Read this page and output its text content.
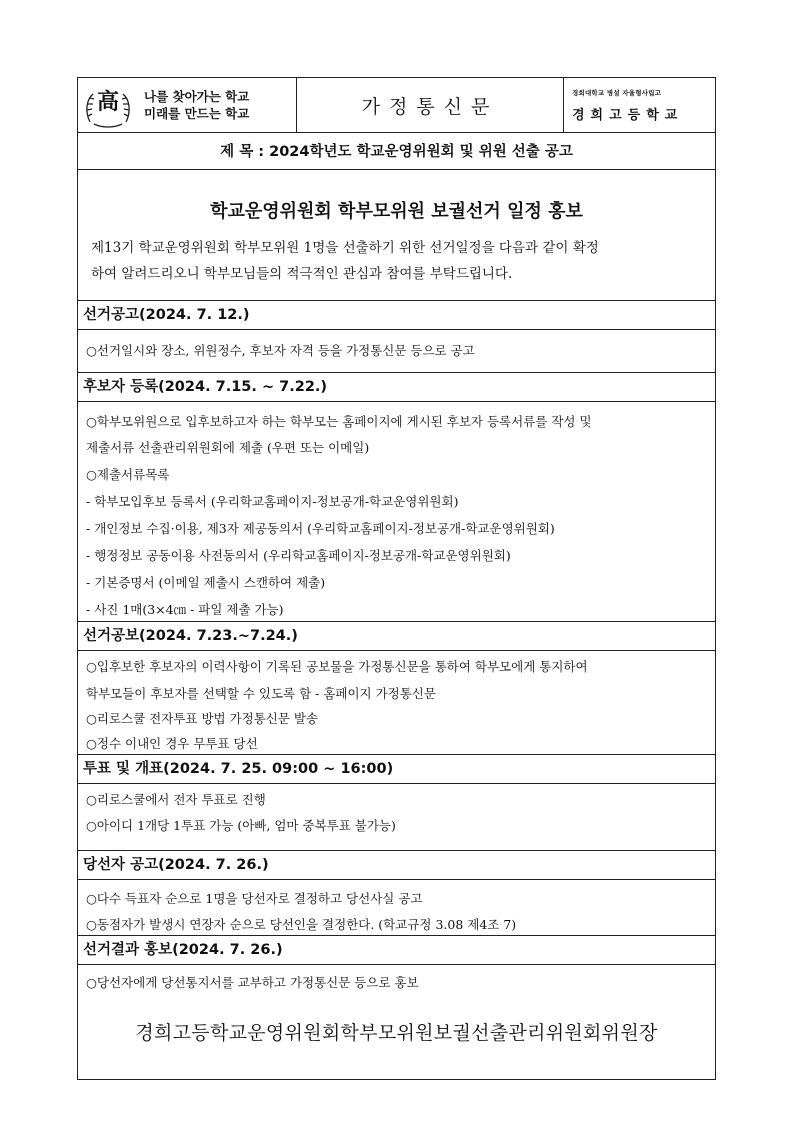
高 나를 찾아가는 학교
미래를 만드는 학교	가정통신문
경희대학교 병설 자율형사립고
경희고등학교
제 목 : 2024학년도 학교운영위원회 및 위원 선출 공고
학교운영위원회 학부모위원 보궐선거 일정 홍보
제13기 학교운영위원회 학부모위원 1명을 선출하기 위한 선거일정을 다음과 같이 확정
하여 알려드리오니 학부모님들의 적극적인 관심과 참여를 부탁드립니다.
선거공고(2024. 7. 12.)
○선거일시와 장소, 위원정수, 후보자 자격 등을 가정통신문 등으로 공고
후보자 등록(2024. 7.15. ~ 7.22.)
○학부모위원으로 입후보하고자 하는 학부모는 홈페이지에 게시된 후보자 등록서류를 작성 및
제출서류 선출관리위원회에 제출 (우편 또는 이메일)
○제출서류목록
- 학부모입후보 등록서 (우리학교홈페이지-정보공개-학교운영위원회)
- 개인정보 수집·이용, 제3자 제공동의서 (우리학교홈페이지-정보공개-학교운영위원회)
- 행정정보 공동이용 사전동의서 (우리학교홈페이지-정보공개-학교운영위원회)
- 기본증명서 (이메일 제출시 스캔하여 제출)
- 사진 1매(3×4㎝ - 파일 제출 가능)
선거공보(2024. 7.23.~7.24.)
○입후보한 후보자의 이력사항이 기록된 공보물을 가정통신문을 통하여 학부모에게 통지하여
학부모들이 후보자를 선택할 수 있도록 함 - 홈페이지 가정통신문
○리로스쿨 전자투표 방법 가정통신문 발송
○정수 이내인 경우 무투표 당선
투표 및 개표(2024. 7. 25. 09:00 ~ 16:00)
○리로스쿨에서 전자 투표로 진행
○아이디 1개당 1투표 가능 (아빠, 엄마 중복투표 불가능)
당선자 공고(2024. 7. 26.)
○다수 득표자 순으로 1명을 당선자로 결정하고 당선사실 공고
○동점자가 발생시 연장자 순으로 당선인을 결정한다. (학교규정 3.08 제4조 7)
선거결과 홍보(2024. 7. 26.)
○당선자에게 당선통지서를 교부하고 가정통신문 등으로 홍보
경희고등학교운영위원회학부모위원보궐선출관리위원회위원장
